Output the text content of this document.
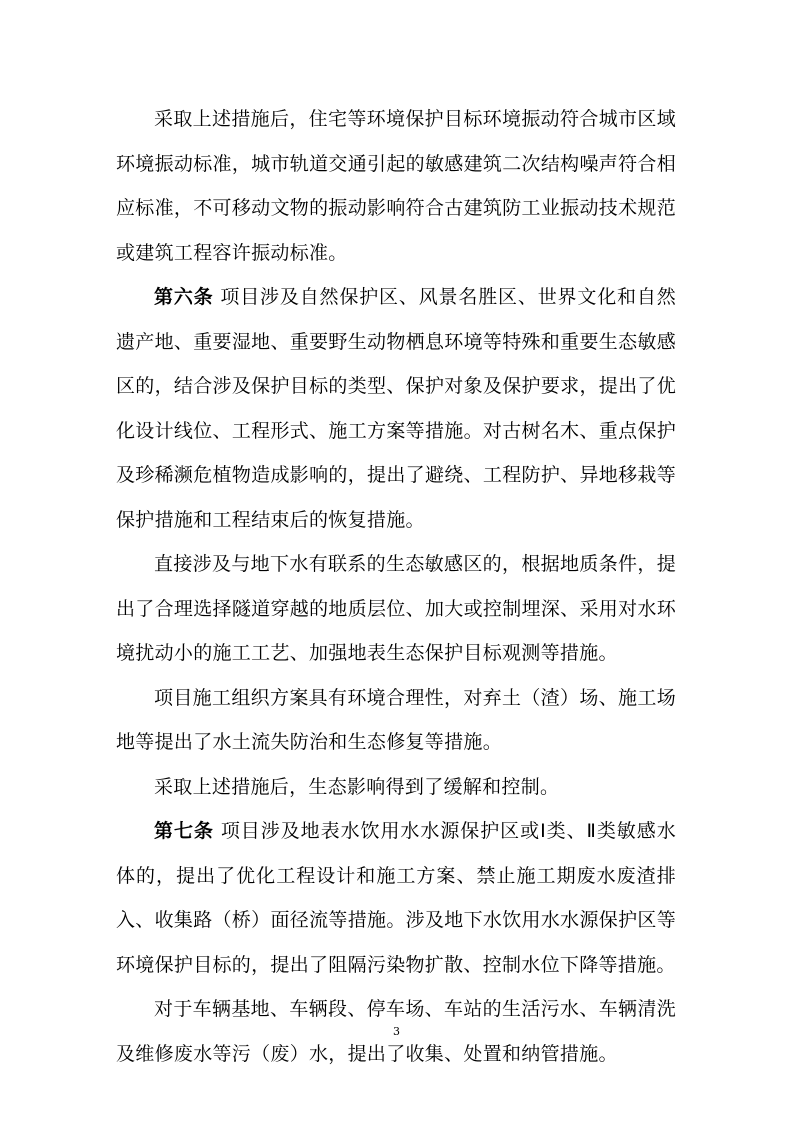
采取上述措施后，住宅等环境保护目标环境振动符合城市区域环境振动标准，城市轨道交通引起的敏感建筑二次结构噪声符合相应标准，不可移动文物的振动影响符合古建筑防工业振动技术规范或建筑工程容许振动标准。

第六条 项目涉及自然保护区、风景名胜区、世界文化和自然遗产地、重要湿地、重要野生动物栖息环境等特殊和重要生态敏感区的，结合涉及保护目标的类型、保护对象及保护要求，提出了优化设计线位、工程形式、施工方案等措施。对古树名木、重点保护及珍稀濒危植物造成影响的，提出了避绕、工程防护、异地移栽等保护措施和工程结束后的恢复措施。

直接涉及与地下水有联系的生态敏感区的，根据地质条件，提出了合理选择隧道穿越的地质层位、加大或控制埋深、采用对水环境扰动小的施工工艺、加强地表生态保护目标观测等措施。

项目施工组织方案具有环境合理性，对弃土（渣）场、施工场地等提出了水土流失防治和生态修复等措施。

采取上述措施后，生态影响得到了缓解和控制。

第七条 项目涉及地表水饮用水水源保护区或Ⅰ类、Ⅱ类敏感水体的，提出了优化工程设计和施工方案、禁止施工期废水废渣排入、收集路（桥）面径流等措施。涉及地下水饮用水水源保护区等环境保护目标的，提出了阻隔污染物扩散、控制水位下降等措施。

对于车辆基地、车辆段、停车场、车站的生活污水、车辆清洗及维修废水等污（废）水，提出了收集、处置和纳管措施。

3
